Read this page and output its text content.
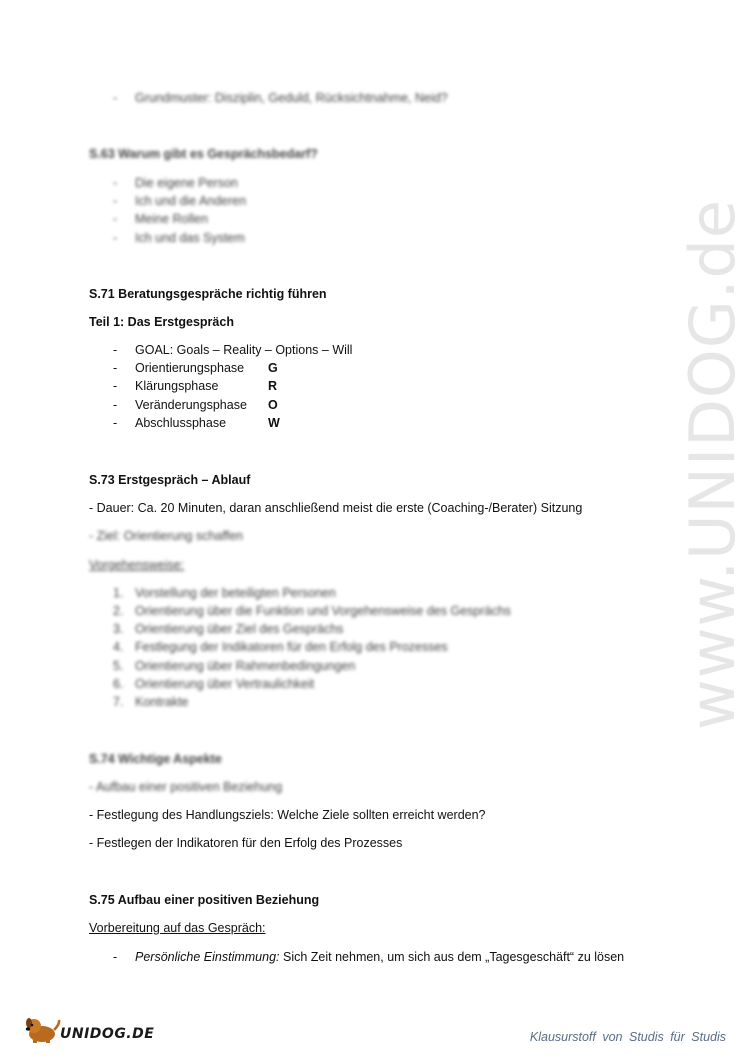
www.UNIDOG.de
- Grundmuster: Disziplin, Geduld, Rücksichtnahme, Neid?
S.63 Warum gibt es Gesprächsbedarf?
- Die eigene Person
- Ich und die Anderen
- Meine Rollen
- Ich und das System
S.71 Beratungsgespräche richtig führen
Teil 1: Das Erstgespräch
- GOAL: Goals – Reality – Options – Will
- Orientierungsphase G
- Klärungsphase	R
- Veränderungsphase O
- Abschlussphase	W
S.73 Erstgespräch – Ablauf
- Dauer: Ca. 20 Minuten, daran anschließend meist die erste (Coaching-/Berater) Sitzung
- Ziel: Orientierung schaffen
Vorgehensweise:
1. Vorstellung der beteiligten Personen
2. Orientierung über die Funktion und Vorgehensweise des Gesprächs
3. Orientierung über Ziel des Gesprächs
4. Festlegung der Indikatoren für den Erfolg des Prozesses
5. Orientierung über Rahmenbedingungen
6. Orientierung über Vertraulichkeit
7. Kontrakte
S.74 Wichtige Aspekte
- Aufbau einer positiven Beziehung
- Festlegung des Handlungsziels: Welche Ziele sollten erreicht werden?
- Festlegen der Indikatoren für den Erfolg des Prozesses
S.75 Aufbau einer positiven Beziehung
Vorbereitung auf das Gespräch:
- Persönliche Einstimmung: Sich Zeit nehmen, um sich aus dem „Tagesgeschäft“ zu lösen
UNIDOG.DE	Klausurstoff von Studis für Studis
